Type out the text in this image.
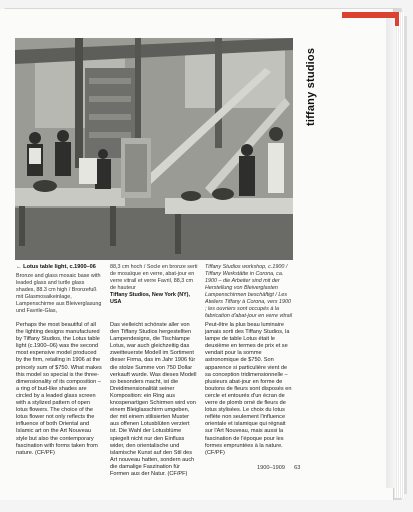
tiffany studios
← Lotus table light, c.1900–06
Bronze and glass mosaic base with leaded glass and turtle glass shades, 88.3 cm high / Bronzefuß mit Glasmosaikeinlage, Lampenschirme aus Bleiverglasung und Favrile-Glas,
88,3 cm hoch / Socle en bronze serti de mosaïque en verre, abat-jour en verre vitrail et verre Favril, 88,3 cm de hauteur
Tiffany Studios, New York (NY), USA
Tiffany Studios workshop, c.1900 / Tiffany Werkstätte in Corona, ca. 1900 – die Arbeiter sind mit der Herstellung von Bleiverglasten Lampenschirmen beschäftigt / Les Ateliers Tiffany à Corona, vers 1900 ; les ouvriers sont occupés à la fabrication d'abat-jour en verre vitrail
Perhaps the most beautiful of all the lighting designs manufactured by Tiffany Studios, the Lotus table light (c.1900–06) was the second most expensive model produced by the firm, retailing in 1906 at the princely sum of $750. What makes this model so special is the three-dimensionality of its composition – a ring of bud-like shades are circled by a leaded glass screen with a stylized pattern of open lotus flowers. The choice of the lotus flower not only reflects the influence of both Oriental and Islamic art on the Art Nouveau style but also the contemporary fascination with forms taken from nature. (CF/PF)
Das vielleicht schönste aller von den Tiffany Studios hergestellten Lampendesigns, die Tischlampe Lotus, war auch gleichzeitig das zweitteuerste Modell im Sortiment dieser Firma, das im Jahr 1906 für die stolze Summe von 750 Dollar verkauft wurde. Was dieses Modell so besonders macht, ist die Dreidimensionalität seiner Komposition: ein Ring aus knospenartigen Schirmen wird von einem Bleiglasschirm umgeben, der mit einem stilisierten Muster aus offenen Lotusblüten verziert ist. Die Wahl der Lotusblüme spiegelt nicht nur den Einfluss wider, den orientalische und islamische Kunst auf den Stil des Art nouveau hatten, sondern auch die damalige Faszination für Formen aus der Natur. (CF/PF)
Peut-être la plus beau luminaire jamais sorti des Tiffany Studios, la lampe de table Lotus était le deuxième en termes de prix et se vendait pour la somme astronomique de $750. Son apparence si particulière vient de sa conception tridimensionnelle – plusieurs abat-jour en forme de boutons de fleurs sont disposés en cercle et entourés d'un écran de verre de plomb orné de fleurs de lotus stylisées. Le choix du lotus reflète non seulement l'influence orientale et islamique qui régnait sur l'Art Nouveau, mais aussi la fascination de l'époque pour les formes empruntées à la nature. (CF/PF)
1900–1909 63
